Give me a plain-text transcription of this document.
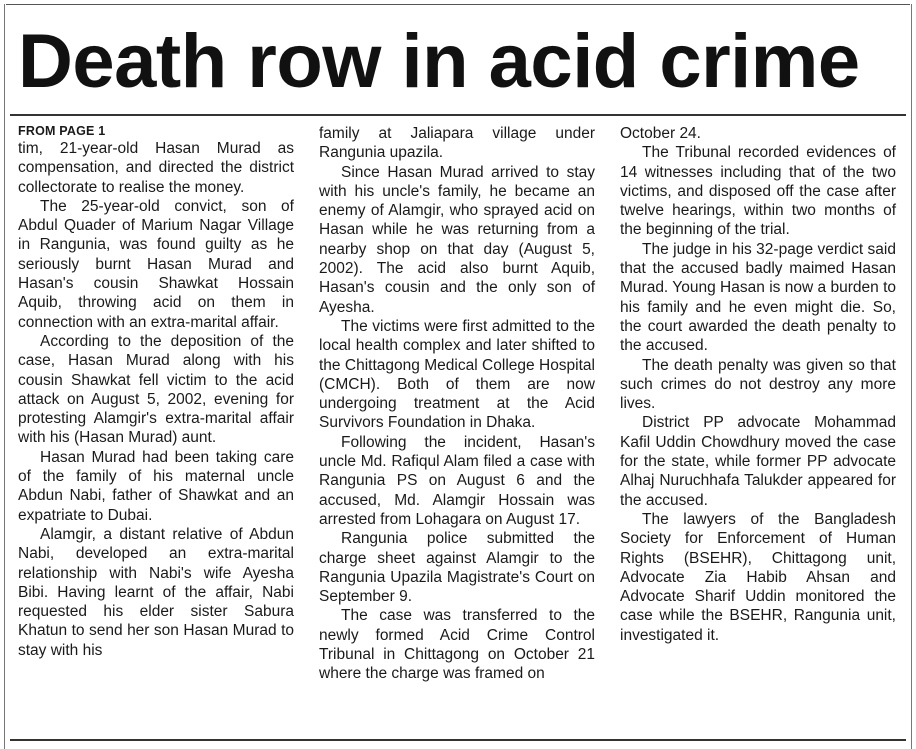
Death row in acid crime
FROM PAGE 1

tim, 21-year-old Hasan Murad as compensation, and directed the district collectorate to realise the money.

The 25-year-old convict, son of Abdul Quader of Marium Nagar Village in Rangunia, was found guilty as he seriously burnt Hasan Murad and Hasan's cousin Shawkat Hossain Aquib, throwing acid on them in connection with an extra-marital affair.

According to the deposition of the case, Hasan Murad along with his cousin Shawkat fell victim to the acid attack on August 5, 2002, evening for protesting Alamgir's extra-marital affair with his (Hasan Murad) aunt.

Hasan Murad had been taking care of the family of his maternal uncle Abdun Nabi, father of Shawkat and an expatriate to Dubai.

Alamgir, a distant relative of Abdun Nabi, developed an extra-marital relationship with Nabi's wife Ayesha Bibi. Having learnt of the affair, Nabi requested his elder sister Sabura Khatun to send her son Hasan Murad to stay with his

family at Jaliapara village under Rangunia upazila.

Since Hasan Murad arrived to stay with his uncle's family, he became an enemy of Alamgir, who sprayed acid on Hasan while he was returning from a nearby shop on that day (August 5, 2002). The acid also burnt Aquib, Hasan's cousin and the only son of Ayesha.

The victims were first admitted to the local health complex and later shifted to the Chittagong Medical College Hospital (CMCH). Both of them are now undergoing treatment at the Acid Survivors Foundation in Dhaka.

Following the incident, Hasan's uncle Md. Rafiqul Alam filed a case with Rangunia PS on August 6 and the accused, Md. Alamgir Hossain was arrested from Lohagara on August 17.

Rangunia police submitted the charge sheet against Alamgir to the Rangunia Upazila Magistrate's Court on September 9.

The case was transferred to the newly formed Acid Crime Control Tribunal in Chittagong on October 21 where the charge was framed on

October 24.

The Tribunal recorded evidences of 14 witnesses including that of the two victims, and disposed off the case after twelve hearings, within two months of the beginning of the trial.

The judge in his 32-page verdict said that the accused badly maimed Hasan Murad. Young Hasan is now a burden to his family and he even might die. So, the court awarded the death penalty to the accused.

The death penalty was given so that such crimes do not destroy any more lives.

District PP advocate Mohammad Kafil Uddin Chowdhury moved the case for the state, while former PP advocate Alhaj Nuruchhafa Talukder appeared for the accused.

The lawyers of the Bangladesh Society for Enforcement of Human Rights (BSEHR), Chittagong unit, Advocate Zia Habib Ahsan and Advocate Sharif Uddin monitored the case while the BSEHR, Rangunia unit, investigated it.
